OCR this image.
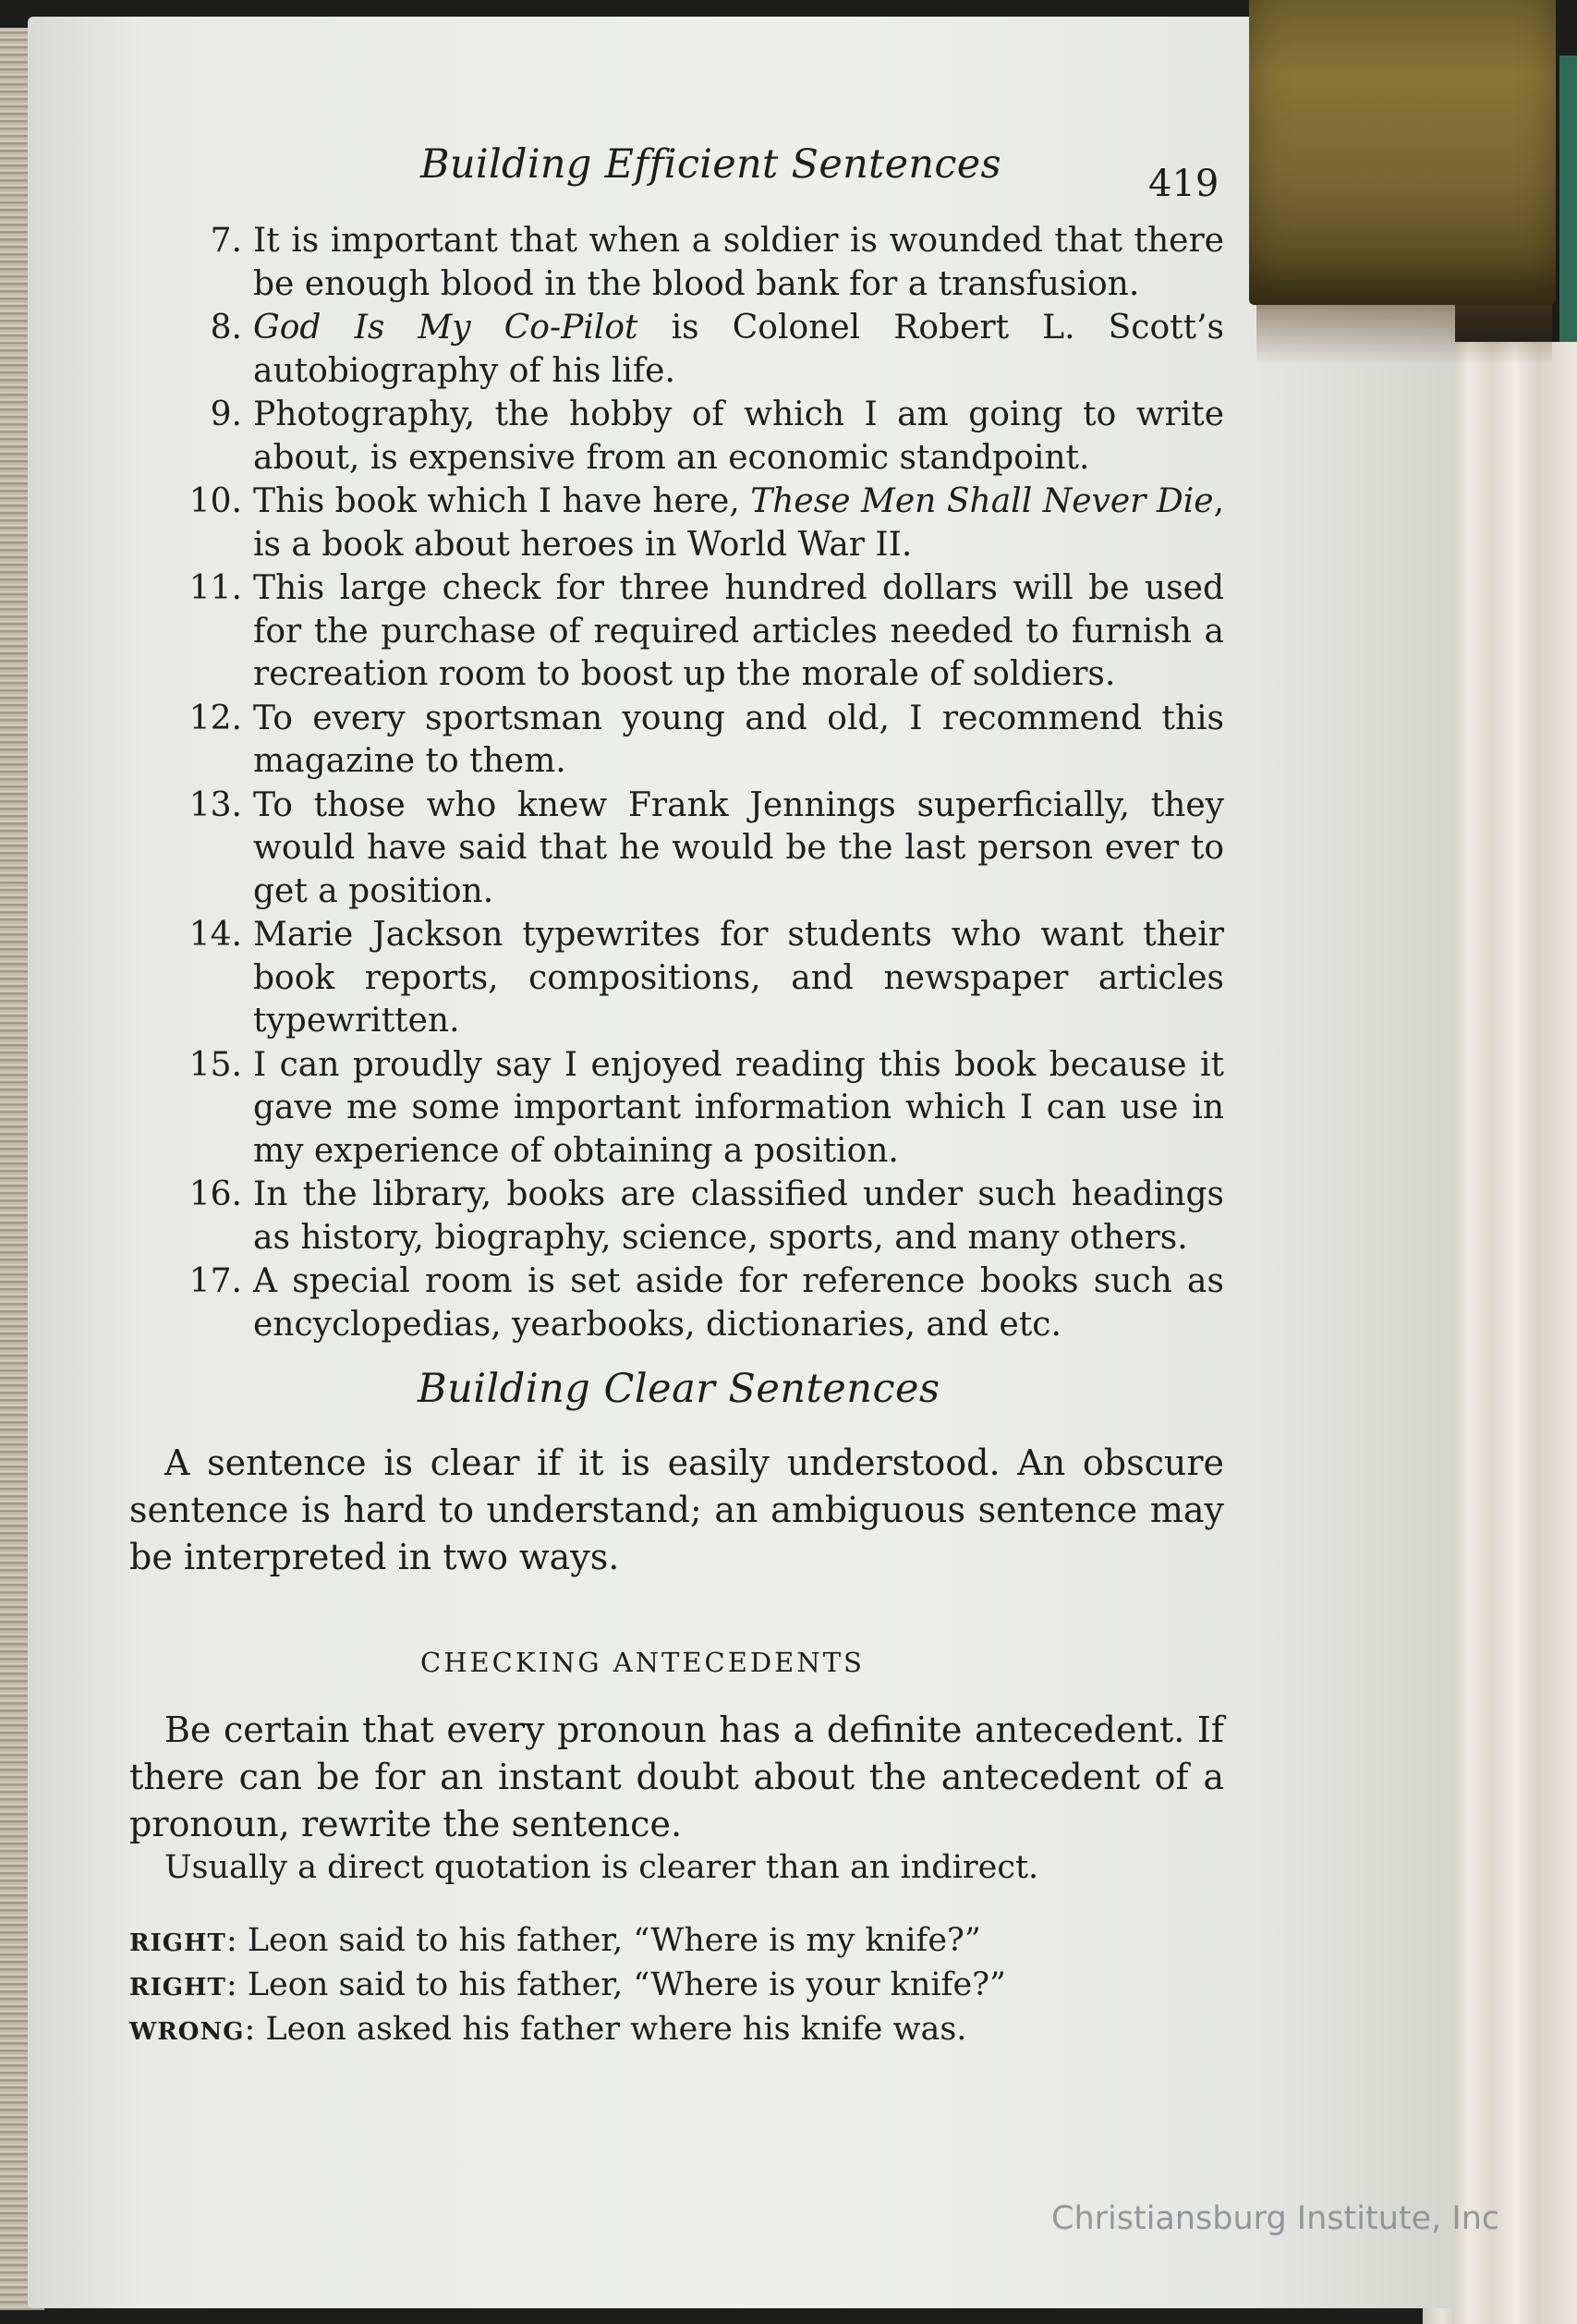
Building Efficient Sentences	419
7. It is important that when a soldier is wounded that there be enough blood in the blood bank for a transfusion.
8. God Is My Co-Pilot is Colonel Robert L. Scott’s autobiography of his life.
9. Photography, the hobby of which I am going to write about, is expensive from an economic standpoint.
10. This book which I have here, These Men Shall Never Die, is a book about heroes in World War II.
11. This large check for three hundred dollars will be used for the purchase of required articles needed to furnish a recreation room to boost up the morale of soldiers.
12. To every sportsman young and old, I recommend this magazine to them.
13. To those who knew Frank Jennings superficially, they would have said that he would be the last person ever to get a position.
14. Marie Jackson typewrites for students who want their book reports, compositions, and newspaper articles typewritten.
15. I can proudly say I enjoyed reading this book because it gave me some important information which I can use in my experience of obtaining a position.
16. In the library, books are classified under such headings as history, biography, science, sports, and many others.
17. A special room is set aside for reference books such as encyclopedias, yearbooks, dictionaries, and etc.
Building Clear Sentences

A sentence is clear if it is easily understood. An obscure sentence is hard to understand; an ambiguous sentence may be interpreted in two ways.

CHECKING ANTECEDENTS

Be certain that every pronoun has a definite antecedent. If there can be for an instant doubt about the antecedent of a pronoun, rewrite the sentence.

Usually a direct quotation is clearer than an indirect.

RIGHT: Leon said to his father, “Where is my knife?”

RIGHT: Leon said to his father, “Where is your knife?”

WRONG: Leon asked his father where his knife was.

Christiansburg Institute, Inc
